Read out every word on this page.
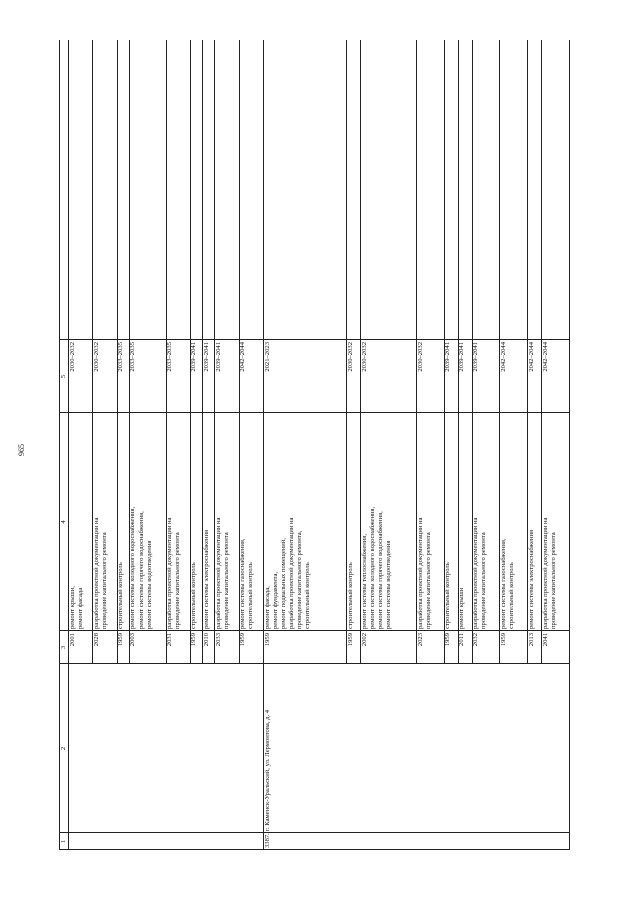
965
1
2
3
4
5
2001
ремонт крыши, ремонт фасада
2030–2032
2028
разработка проектной документации на проведение капитального ремонта
2030–2032
1959
строительный контроль
2033–2035
2003
ремонт системы холодного водоснабжения, ремонт системы горячего водоснабжения, ремонт системы водоотведения
2033–2035
2031
разработка проектной документации на проведение капитального ремонта
2033–2035
1959
строительный контроль
2039–2041
2010
ремонт системы электроснабжения
2039–2041
2033
разработка проектной документации на проведение капитального ремонта
2039–2041
1959
ремонт системы газоснабжения, строительный контроль
2042–2044
1959
ремонт фасада, ремонт фундамента, ремонт подвальных помещений, разработка проектной документации на проведение капитального ремонта, строительный контроль
2021–2023
1959
строительный контроль
2030–2032
2002
ремонт системы теплоснабжения, ремонт системы холодного водоснабжения, ремонт системы горячего водоснабжения, ремонт системы водоотведения
2030–2032
2023
разработка проектной документации на проведение капитального ремонта
2030–2032
1959
строительный контроль
2039–2041
2011
ремонт крыши
2039–2041
2032
разработка проектной документации на проведение капитального ремонта
2039–2041
1959
ремонт системы газоснабжения, строительный контроль
2042–2044
2013
ремонт системы электроснабжения
2042–2044
2041
разработка проектной документации на проведение капитального ремонта
2042–2044
3387.
г. Каменск-Уральский, ул. Лермонтова, д. 4
